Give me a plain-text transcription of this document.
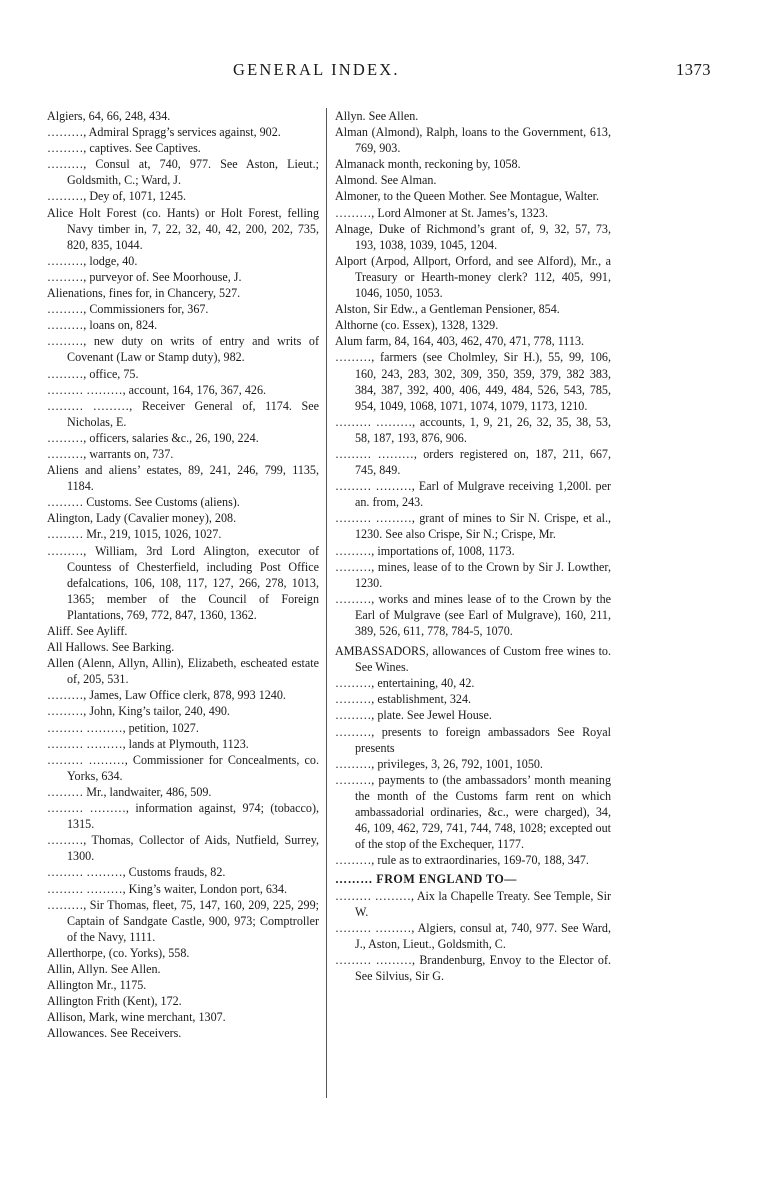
GENERAL INDEX.	1373

Algiers, 64, 66, 248, 434.

………, Admiral Spragg’s services against, 902.

………, captives. See Captives.

………, Consul at, 740, 977. See Aston, Lieut.; Goldsmith, C.; Ward, J.

………, Dey of, 1071, 1245.

Alice Holt Forest (co. Hants) or Holt Forest, felling Navy timber in, 7, 22, 32, 40, 42, 200, 202, 735, 820, 835, 1044.

………, lodge, 40.

………, purveyor of. See Moorhouse, J.

Alienations, fines for, in Chancery, 527.

………, Commissioners for, 367.

………, loans on, 824.

………, new duty on writs of entry and writs of Covenant (Law or Stamp duty), 982.

………, office, 75.

……… ………, account, 164, 176, 367, 426.

……… ………, Receiver General of, 1174. See Nicholas, E.

………, officers, salaries &c., 26, 190, 224.

………, warrants on, 737.

Aliens and aliens’ estates, 89, 241, 246, 799, 1135, 1184.

……… Customs. See Customs (aliens).

Alington, Lady (Cavalier money), 208.

……… Mr., 219, 1015, 1026, 1027.

………, William, 3rd Lord Alington, executor of Countess of Chesterfield, including Post Office defalcations, 106, 108, 117, 127, 266, 278, 1013, 1365; member of the Council of Foreign Plantations, 769, 772, 847, 1360, 1362.

Aliff. See Ayliff.

All Hallows. See Barking.

Allen (Alenn, Allyn, Allin), Elizabeth, escheated estate of, 205, 531.

………, James, Law Office clerk, 878, 993 1240.

………, John, King’s tailor, 240, 490.

……… ………, petition, 1027.

……… ………, lands at Plymouth, 1123.

……… ………, Commissioner for Concealments, co. Yorks, 634.

……… Mr., landwaiter, 486, 509.

……… ………, information against, 974; (tobacco), 1315.

………, Thomas, Collector of Aids, Nutfield, Surrey, 1300.

……… ………, Customs frauds, 82.

……… ………, King’s waiter, London port, 634.

………, Sir Thomas, fleet, 75, 147, 160, 209, 225, 299; Captain of Sandgate Castle, 900, 973; Comptroller of the Navy, 1111.

Allerthorpe, (co. Yorks), 558.

Allin, Allyn. See Allen.

Allington Mr., 1175.

Allington Frith (Kent), 172.

Allison, Mark, wine merchant, 1307.

Allowances. See Receivers.

Allyn. See Allen.

Alman (Almond), Ralph, loans to the Government, 613, 769, 903.

Almanack month, reckoning by, 1058.

Almond. See Alman.

Almoner, to the Queen Mother. See Montague, Walter.

………, Lord Almoner at St. James’s, 1323.

Alnage, Duke of Richmond’s grant of, 9, 32, 57, 73, 193, 1038, 1039, 1045, 1204.

Alport (Arpod, Allport, Orford, and see Alford), Mr., a Treasury or Hearth-money clerk? 112, 405, 991, 1046, 1050, 1053.

Alston, Sir Edw., a Gentleman Pensioner, 854.

Althorne (co. Essex), 1328, 1329.

Alum farm, 84, 164, 403, 462, 470, 471, 778, 1113.

………, farmers (see Cholmley, Sir H.), 55, 99, 106, 160, 243, 283, 302, 309, 350, 359, 379, 382 383, 384, 387, 392, 400, 406, 449, 484, 526, 543, 785, 954, 1049, 1068, 1071, 1074, 1079, 1173, 1210.

……… ………, accounts, 1, 9, 21, 26, 32, 35, 38, 53, 58, 187, 193, 876, 906.

……… ………, orders registered on, 187, 211, 667, 745, 849.

……… ………, Earl of Mulgrave receiving 1,200l. per an. from, 243.

……… ………, grant of mines to Sir N. Crispe, et al., 1230. See also Crispe, Sir N.; Crispe, Mr.

………, importations of, 1008, 1173.

………, mines, lease of to the Crown by Sir J. Lowther, 1230.

………, works and mines lease of to the Crown by the Earl of Mulgrave (see Earl of Mulgrave), 160, 211, 389, 526, 611, 778, 784-5, 1070.

AMBASSADORS, allowances of Custom free wines to. See Wines.

………, entertaining, 40, 42.

………, establishment, 324.

………, plate. See Jewel House.

………, presents to foreign ambassadors See Royal presents

………, privileges, 3, 26, 792, 1001, 1050.

………, payments to (the ambassadors’ month meaning the month of the Customs farm rent on which ambassadorial ordinaries, &c., were charged), 34, 46, 109, 462, 729, 741, 744, 748, 1028; excepted out of the stop of the Exchequer, 1177.

………, rule as to extraordinaries, 169-70, 188, 347.

……… FROM ENGLAND TO—

……… ………, Aix la Chapelle Treaty. See Temple, Sir W.

……… ………, Algiers, consul at, 740, 977. See Ward, J., Aston, Lieut., Goldsmith, C.

……… ………, Brandenburg, Envoy to the Elector of. See Silvius, Sir G.
